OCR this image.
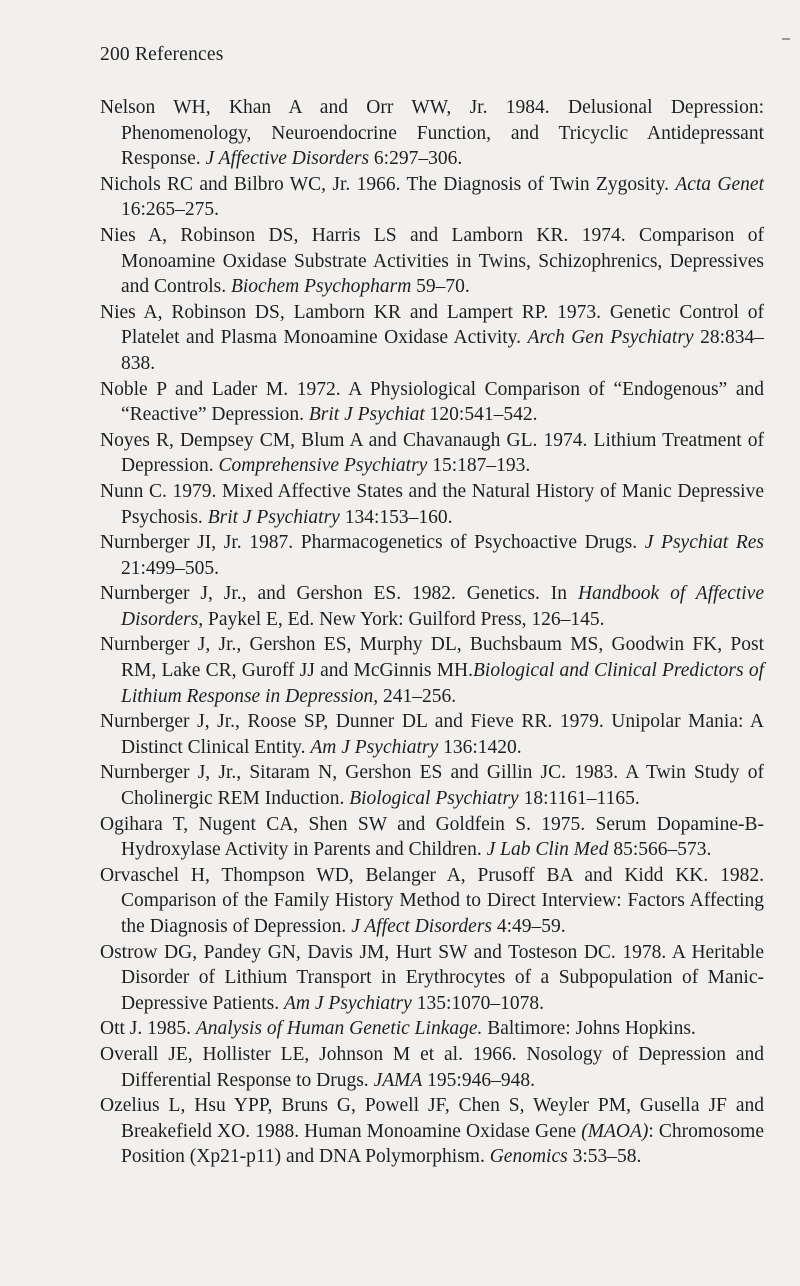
200 References
Nelson WH, Khan A and Orr WW, Jr. 1984. Delusional Depression: Phenomenology, Neuroendocrine Function, and Tricyclic Antidepressant Response. J Affective Disorders 6:297–306.
Nichols RC and Bilbro WC, Jr. 1966. The Diagnosis of Twin Zygosity. Acta Genet 16:265–275.
Nies A, Robinson DS, Harris LS and Lamborn KR. 1974. Comparison of Monoamine Oxidase Substrate Activities in Twins, Schizophrenics, Depressives and Controls. Biochem Psychopharm 59–70.
Nies A, Robinson DS, Lamborn KR and Lampert RP. 1973. Genetic Control of Platelet and Plasma Monoamine Oxidase Activity. Arch Gen Psychiatry 28:834–838.
Noble P and Lader M. 1972. A Physiological Comparison of “Endogenous” and “Reactive” Depression. Brit J Psychiat 120:541–542.
Noyes R, Dempsey CM, Blum A and Chavanaugh GL. 1974. Lithium Treatment of Depression. Comprehensive Psychiatry 15:187–193.
Nunn C. 1979. Mixed Affective States and the Natural History of Manic Depressive Psychosis. Brit J Psychiatry 134:153–160.
Nurnberger JI, Jr. 1987. Pharmacogenetics of Psychoactive Drugs. J Psychiat Res 21:499–505.
Nurnberger J, Jr., and Gershon ES. 1982. Genetics. In Handbook of Affective Disorders, Paykel E, Ed. New York: Guilford Press, 126–145.
Nurnberger J, Jr., Gershon ES, Murphy DL, Buchsbaum MS, Goodwin FK, Post RM, Lake CR, Guroff JJ and McGinnis MH.Biological and Clinical Predictors of Lithium Response in Depression, 241–256.
Nurnberger J, Jr., Roose SP, Dunner DL and Fieve RR. 1979. Unipolar Mania: A Distinct Clinical Entity. Am J Psychiatry 136:1420.
Nurnberger J, Jr., Sitaram N, Gershon ES and Gillin JC. 1983. A Twin Study of Cholinergic REM Induction. Biological Psychiatry 18:1161–1165.
Ogihara T, Nugent CA, Shen SW and Goldfein S. 1975. Serum Dopamine-B-Hydroxylase Activity in Parents and Children. J Lab Clin Med 85:566–573.
Orvaschel H, Thompson WD, Belanger A, Prusoff BA and Kidd KK. 1982. Comparison of the Family History Method to Direct Interview: Factors Affecting the Diagnosis of Depression. J Affect Disorders 4:49–59.
Ostrow DG, Pandey GN, Davis JM, Hurt SW and Tosteson DC. 1978. A Heritable Disorder of Lithium Transport in Erythrocytes of a Subpopulation of Manic-Depressive Patients. Am J Psychiatry 135:1070–1078.
Ott J. 1985. Analysis of Human Genetic Linkage. Baltimore: Johns Hopkins.
Overall JE, Hollister LE, Johnson M et al. 1966. Nosology of Depression and Differential Response to Drugs. JAMA 195:946–948.
Ozelius L, Hsu YPP, Bruns G, Powell JF, Chen S, Weyler PM, Gusella JF and Breakefield XO. 1988. Human Monoamine Oxidase Gene (MAOA): Chromosome Position (Xp21-p11) and DNA Polymorphism. Genomics 3:53–58.
